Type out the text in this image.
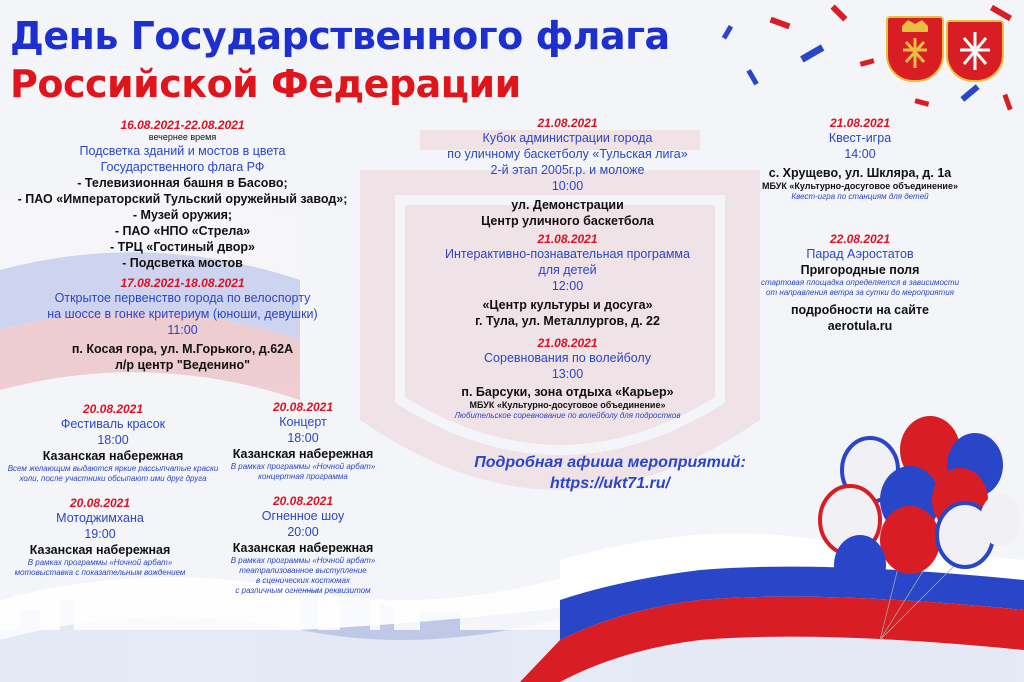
День Государственного флага
Российской Федерации
16.08.2021-22.08.2021
вечернее время
Подсветка зданий и мостов в цвета
Государственного флага РФ
- Телевизионная башня в Басово;
- ПАО «Императорский Тульский оружейный завод»;
- Музей оружия;
- ПАО «НПО «Стрела»
- ТРЦ «Гостиный двор»
- Подсветка мостов
17.08.2021-18.08.2021
Открытое первенство города по велоспорту
на шоссе в гонке критериум (юноши, девушки)
11:00
п. Косая гора, ул. М.Горького, д.62А
л/р центр "Веденино"
20.08.2021
Фестиваль красок
18:00
Казанская набережная
Всем желающим выдаются яркие рассыпчатые краски
холи, после участники обсыпают ими друг друга
20.08.2021
Концерт
18:00
Казанская набережная
В рамках программы «Ночной арбат»
концертная программа
20.08.2021
Мотоджимхана
19:00
Казанская набережная
В рамках программы «Ночной арбат»
мотовыставка с показательным вождением
20.08.2021
Огненное шоу
20:00
Казанская набережная
В рамках программы «Ночной арбат»
театрализованное выступление
в сценических костюмах
с различным огненным реквизитом
21.08.2021
Кубок администрации города
по уличному баскетболу «Тульская лига»
2-й этап 2005г.р. и моложе
10:00
ул. Демонстрации
Центр уличного баскетбола
21.08.2021
Интерактивно-познавательная программа
для детей
12:00
«Центр культуры и досуга»
г. Тула, ул. Металлургов, д. 22
21.08.2021
Соревнования по волейболу
13:00
п. Барсуки, зона отдыха «Карьер»
МБУК «Культурно-досуговое объединение»
Любительское соревнование по волейболу для подростков
21.08.2021
Квест-игра
14:00
с. Хрущево, ул. Шкляра, д. 1а
МБУК «Культурно-досуговое объединение»
Квест-игра по станциям для детей
22.08.2021
Парад Аэростатов
Пригородные поля
стартовая площадка определяется в зависимости
от направления ветра за сутки до мероприятия
подробности на сайте
aerotula.ru
Подробная афиша мероприятий:
https://ukt71.ru/
